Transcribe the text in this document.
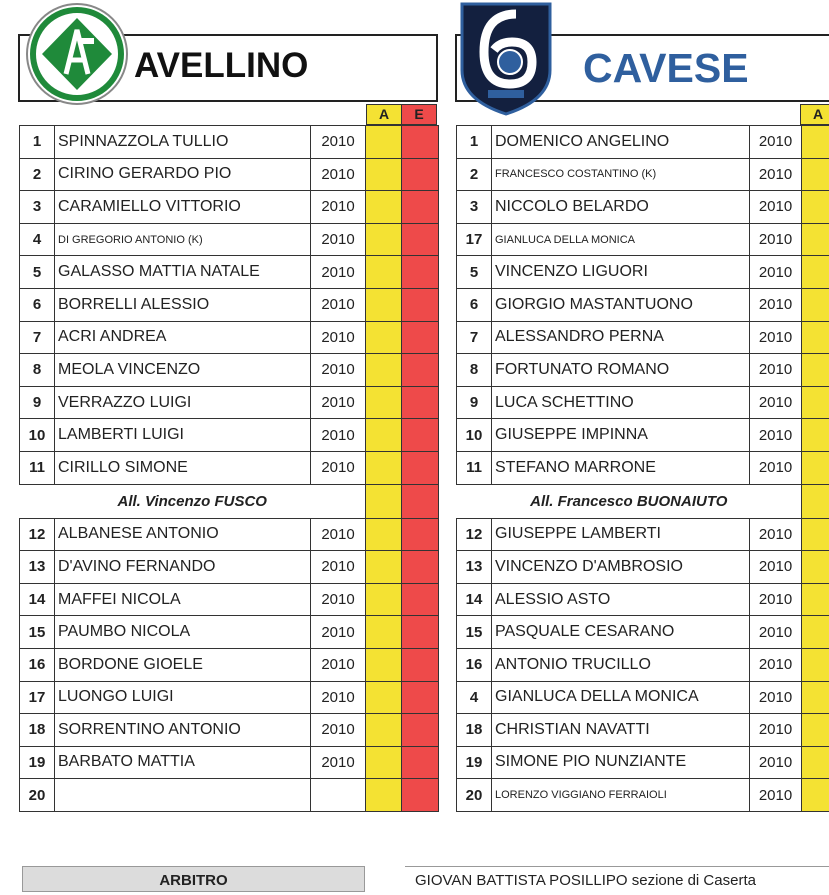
AVELLINO	CAVESE
A	E	A
1	SPINNAZZOLA TULLIO	2010		
2	CIRINO GERARDO PIO	2010		
3	CARAMIELLO VITTORIO	2010		
4	DI GREGORIO ANTONIO (K)	2010		
5	GALASSO MATTIA NATALE	2010		
6	BORRELLI ALESSIO	2010		
7	ACRI ANDREA	2010		
8	MEOLA VINCENZO	2010		
9	VERRAZZO LUIGI	2010		
10	LAMBERTI LUIGI	2010		
11	CIRILLO SIMONE	2010		
All. Vincenzo FUSCO				
12	ALBANESE ANTONIO	2010		
13	D'AVINO FERNANDO	2010		
14	MAFFEI NICOLA	2010		
15	PAUMBO NICOLA	2010		
16	BORDONE GIOELE	2010		
17	LUONGO LUIGI	2010		
18	SORRENTINO ANTONIO	2010		
19	BARBATO MATTIA	2010		
20				
1	DOMENICO ANGELINO	2010		
2	FRANCESCO COSTANTINO (K)	2010		
3	NICCOLO BELARDO	2010		
17	GIANLUCA DELLA MONICA	2010		
5	VINCENZO LIGUORI	2010		
6	GIORGIO MASTANTUONO	2010		
7	ALESSANDRO PERNA	2010		
8	FORTUNATO ROMANO	2010		
9	LUCA SCHETTINO	2010		
10	GIUSEPPE IMPINNA	2010		
11	STEFANO MARRONE	2010		
All. Francesco BUONAIUTO				
12	GIUSEPPE LAMBERTI	2010		
13	VINCENZO D'AMBROSIO	2010		
14	ALESSIO ASTO	2010		
15	PASQUALE CESARANO	2010		
16	ANTONIO TRUCILLO	2010		
4	GIANLUCA DELLA MONICA	2010		
18	CHRISTIAN NAVATTI	2010		
19	SIMONE PIO NUNZIANTE	2010		
20	LORENZO VIGGIANO FERRAIOLI	2010		
ARBITRO	GIOVAN BATTISTA POSILLIPO sezione di Caserta
